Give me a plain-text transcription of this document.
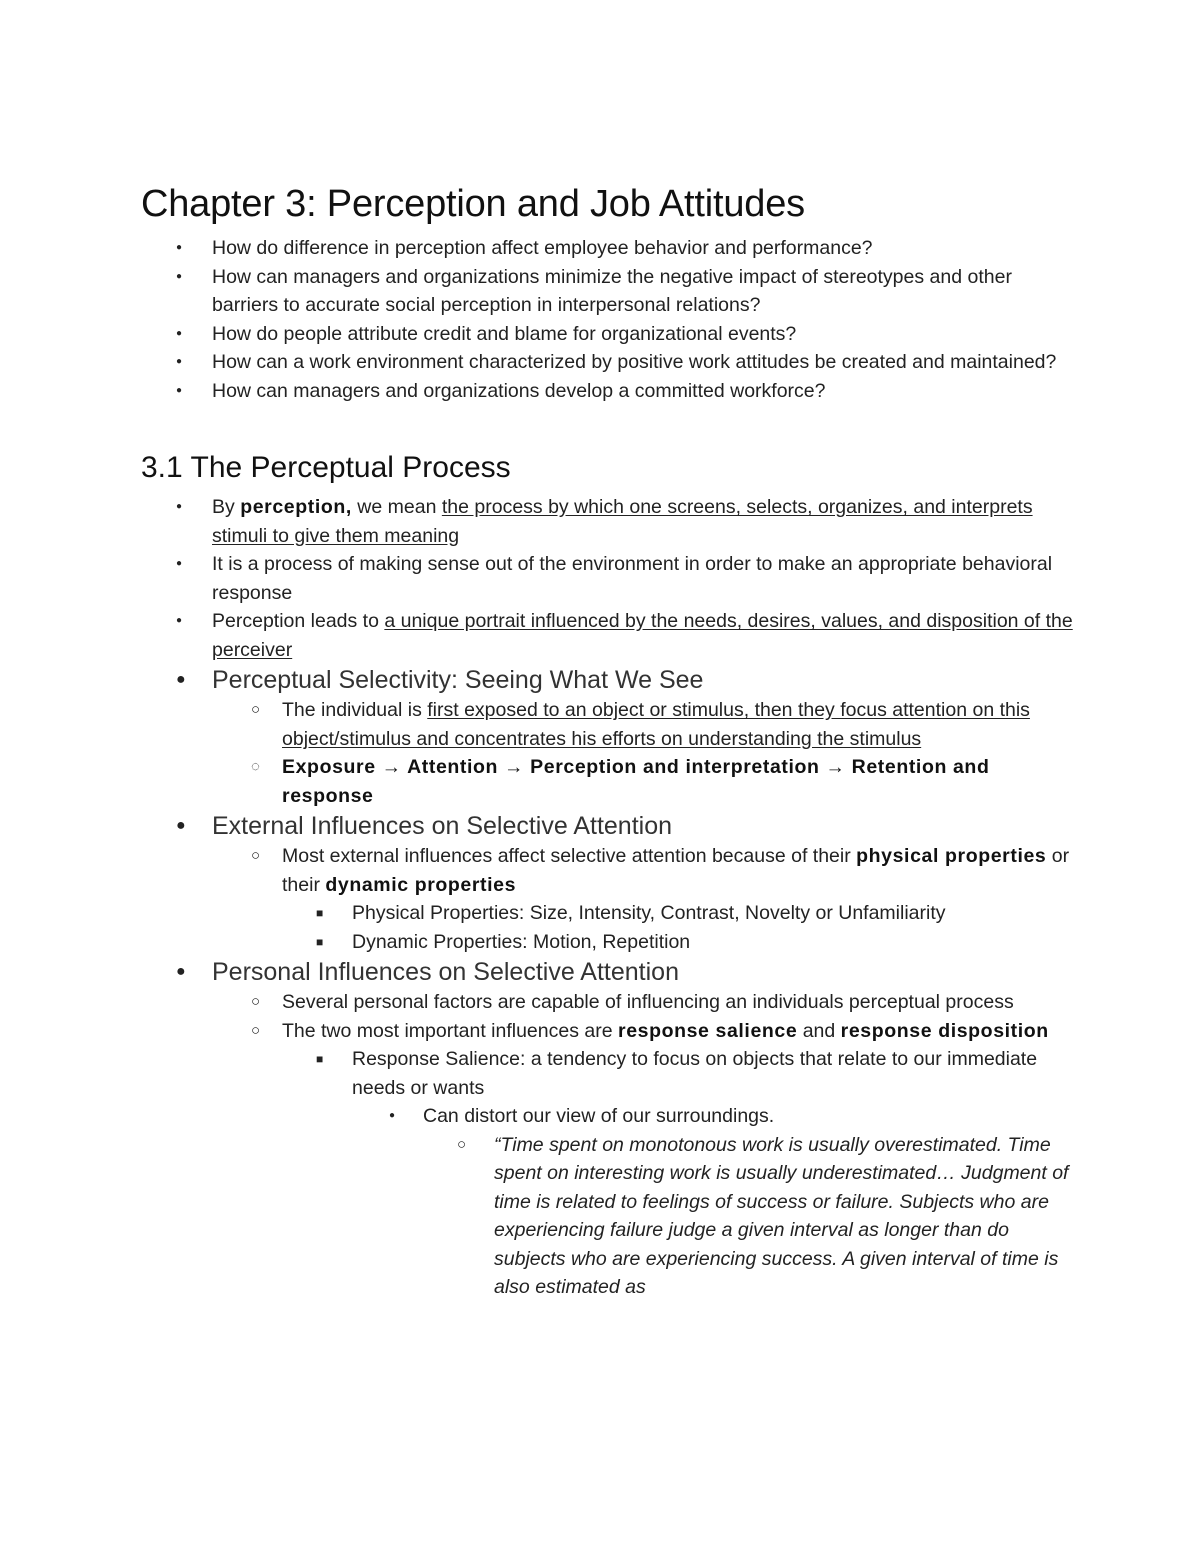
Chapter 3: Perception and Job Attitudes
● How do difference in perception affect employee behavior and performance?
● How can managers and organizations minimize the negative impact of stereotypes and other barriers to accurate social perception in interpersonal relations?
● How do people attribute credit and blame for organizational events?
● How can a work environment characterized by positive work attitudes be created and maintained?
● How can managers and organizations develop a committed workforce?
3.1 The Perceptual Process
● By perception, we mean the process by which one screens, selects, organizes, and interprets stimuli to give them meaning
● It is a process of making sense out of the environment in order to make an appropriate behavioral response
● Perception leads to a unique portrait influenced by the needs, desires, values, and disposition of the perceiver
● Perceptual Selectivity: Seeing What We See
○ The individual is first exposed to an object or stimulus, then they focus attention on this object/stimulus and concentrates his efforts on understanding the stimulus
◌ Exposure → Attention → Perception and interpretation → Retention and response
● External Influences on Selective Attention
○ Most external influences affect selective attention because of their physical properties or their dynamic properties
■ Physical Properties: Size, Intensity, Contrast, Novelty or Unfamiliarity
■ Dynamic Properties: Motion, Repetition
● Personal Influences on Selective Attention
○ Several personal factors are capable of influencing an individuals perceptual process
○ The two most important influences are response salience and response disposition
■ Response Salience: a tendency to focus on objects that relate to our immediate needs or wants
● Can distort our view of our surroundings.
○ “Time spent on monotonous work is usually overestimated. Time spent on interesting work is usually underestimated… Judgment of time is related to feelings of success or failure. Subjects who are experiencing failure judge a given interval as longer than do subjects who are experiencing success. A given interval of time is also estimated as
